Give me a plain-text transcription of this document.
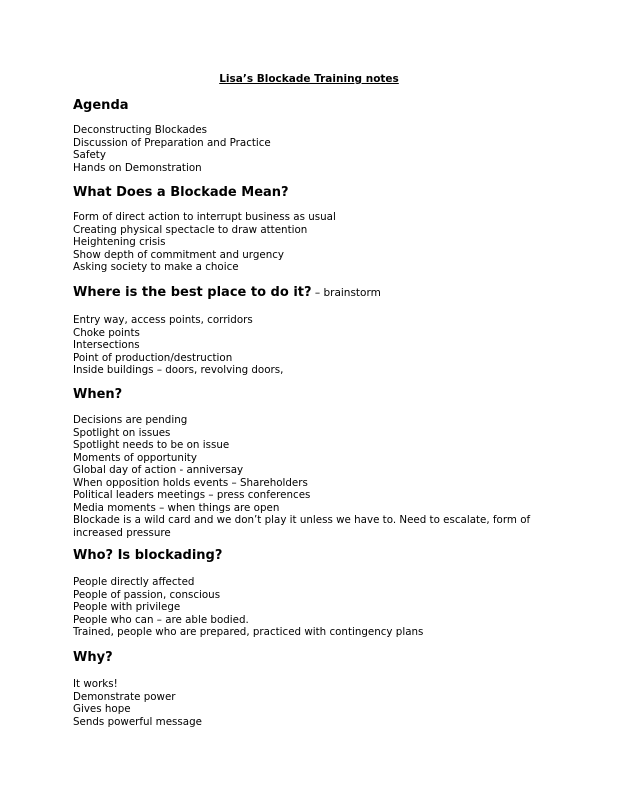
Lisa’s Blockade Training notes
Agenda
Deconstructing Blockades
Discussion of Preparation and Practice
Safety
Hands on Demonstration
What Does a Blockade Mean?
Form of direct action to interrupt business as usual
Creating physical spectacle to draw attention
Heightening crisis
Show depth of commitment and urgency
Asking society to make a choice
Where is the best place to do it? – brainstorm
Entry way, access points, corridors
Choke points
Intersections
Point of production/destruction
Inside buildings – doors, revolving doors,
When?
Decisions are pending
Spotlight on issues
Spotlight needs to be on issue
Moments of opportunity
Global day of action - anniversay
When opposition holds events – Shareholders
Political leaders meetings – press conferences
Media moments – when things are open
Blockade is a wild card and we don’t play it unless we have to. Need to escalate, form of increased pressure
Who? Is blockading?
People directly affected
People of passion, conscious
People with privilege
People who can – are able bodied.
Trained, people who are prepared, practiced with contingency plans
Why?
It works!
Demonstrate power
Gives hope
Sends powerful message
